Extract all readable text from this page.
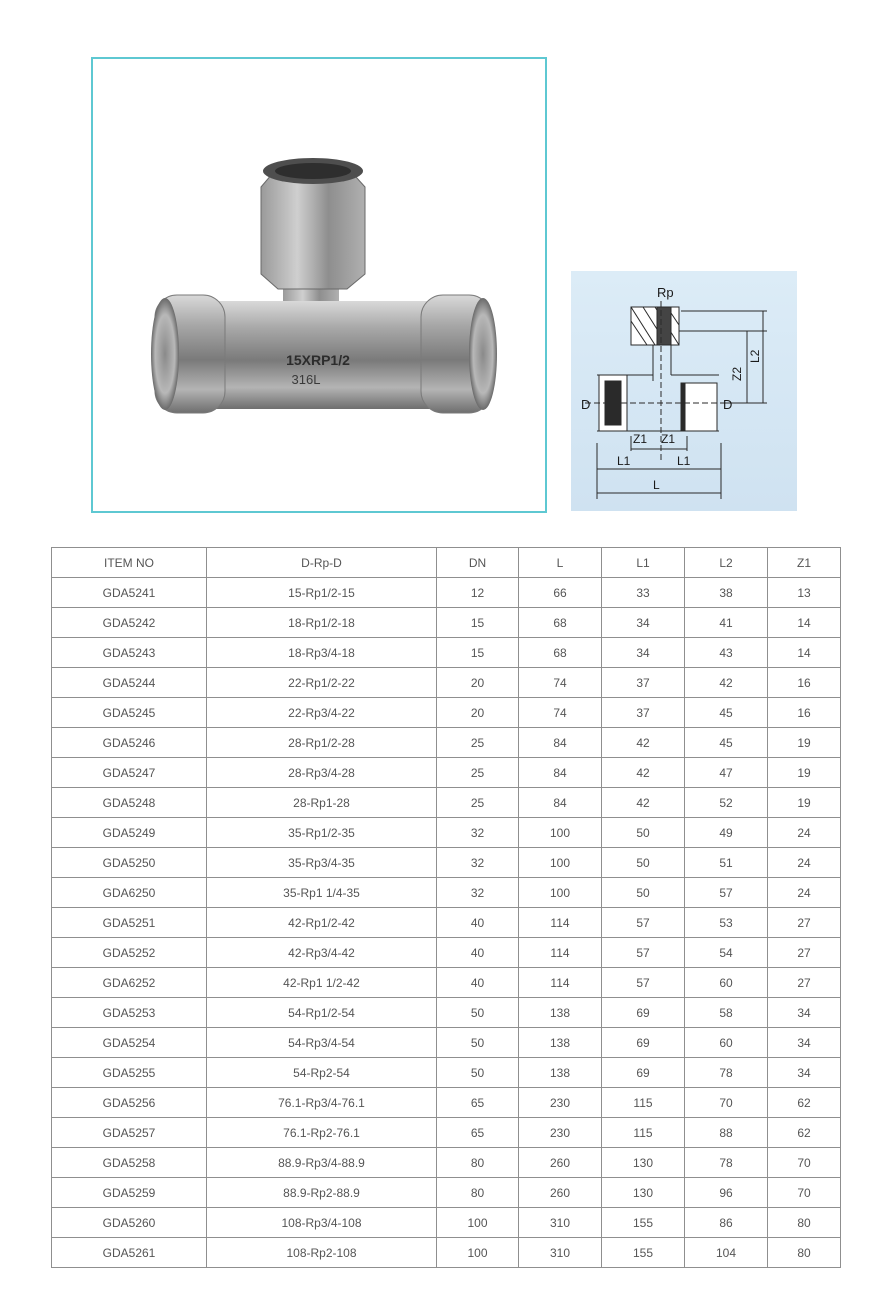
15XRP1/2
316L
Rp
D	D
Z1 Z1
L1	L1
L
Z2
L2
ITEM NO	D-Rp-D	DN	L	L1	L2	Z1
GDA5241	15-Rp1/2-15	12	66	33	38	13
GDA5242	18-Rp1/2-18	15	68	34	41	14
GDA5243	18-Rp3/4-18	15	68	34	43	14
GDA5244	22-Rp1/2-22	20	74	37	42	16
GDA5245	22-Rp3/4-22	20	74	37	45	16
GDA5246	28-Rp1/2-28	25	84	42	45	19
GDA5247	28-Rp3/4-28	25	84	42	47	19
GDA5248	28-Rp1-28	25	84	42	52	19
GDA5249	35-Rp1/2-35	32	100	50	49	24
GDA5250	35-Rp3/4-35	32	100	50	51	24
GDA6250	35-Rp1 1/4-35	32	100	50	57	24
GDA5251	42-Rp1/2-42	40	114	57	53	27
GDA5252	42-Rp3/4-42	40	114	57	54	27
GDA6252	42-Rp1 1/2-42	40	114	57	60	27
GDA5253	54-Rp1/2-54	50	138	69	58	34
GDA5254	54-Rp3/4-54	50	138	69	60	34
GDA5255	54-Rp2-54	50	138	69	78	34
GDA5256	76.1-Rp3/4-76.1	65	230	115	70	62
GDA5257	76.1-Rp2-76.1	65	230	115	88	62
GDA5258	88.9-Rp3/4-88.9	80	260	130	78	70
GDA5259	88.9-Rp2-88.9	80	260	130	96	70
GDA5260	108-Rp3/4-108	100	310	155	86	80
GDA5261	108-Rp2-108	100	310	155	104	80
